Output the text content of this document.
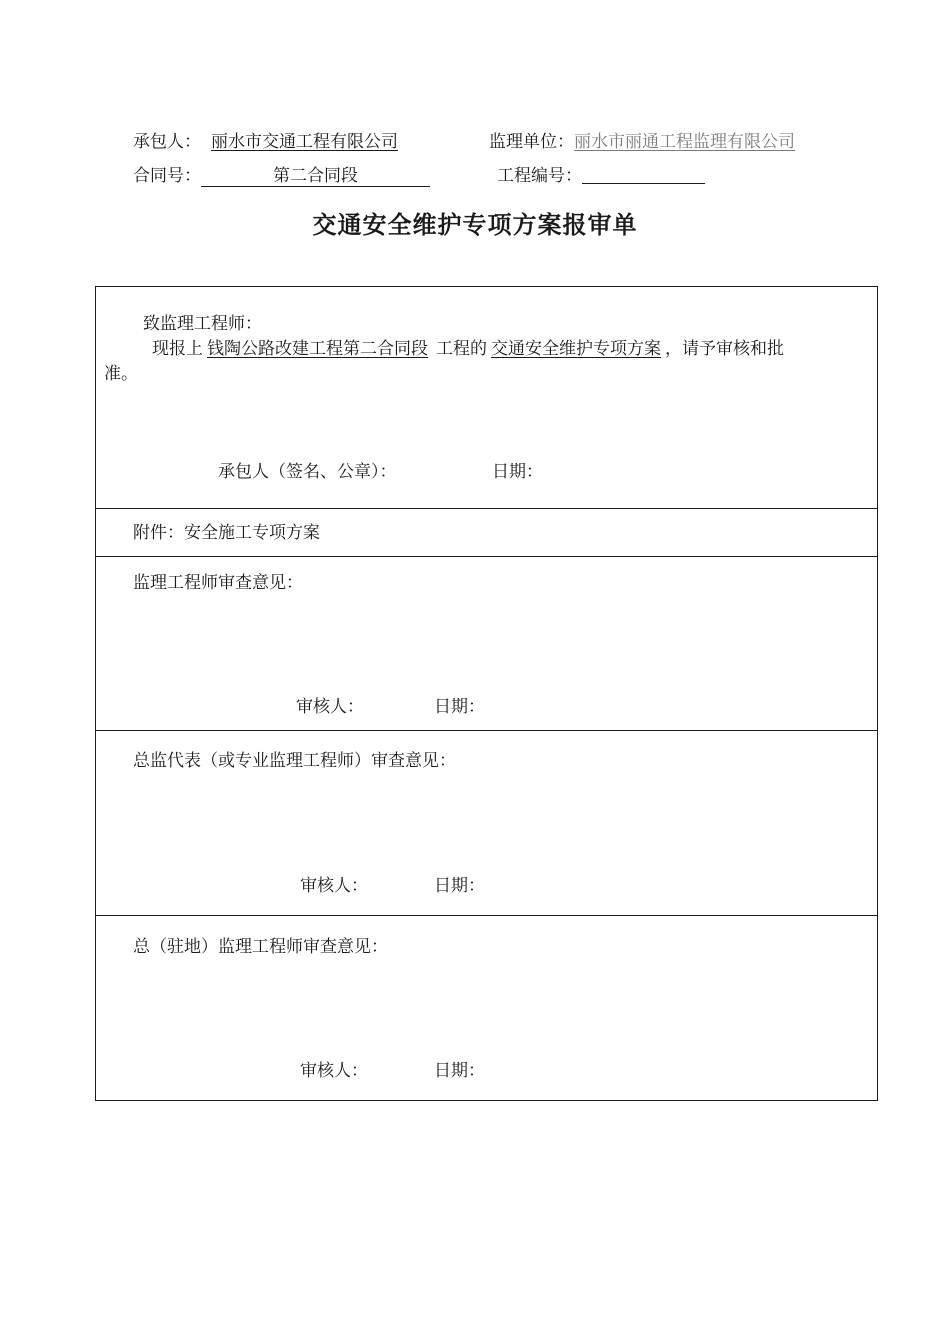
承包人： 丽水市交通工程有限公司	监理单位：丽水市丽通工程监理有限公司
合同号：	第二合同段	工程编号：
交通安全维护专项方案报审单
致监理工程师：
现报上 钱陶公路改建工程第二合同段 工程的 交通安全维护专项方案 ，请予审核和批
准。
承包人（签名、公章）：	日期：
附件：安全施工专项方案
监理工程师审查意见：
审核人：	日期：
总监代表（或专业监理工程师）审查意见：
审核人：	日期：
总（驻地）监理工程师审查意见：
审核人：	日期：
